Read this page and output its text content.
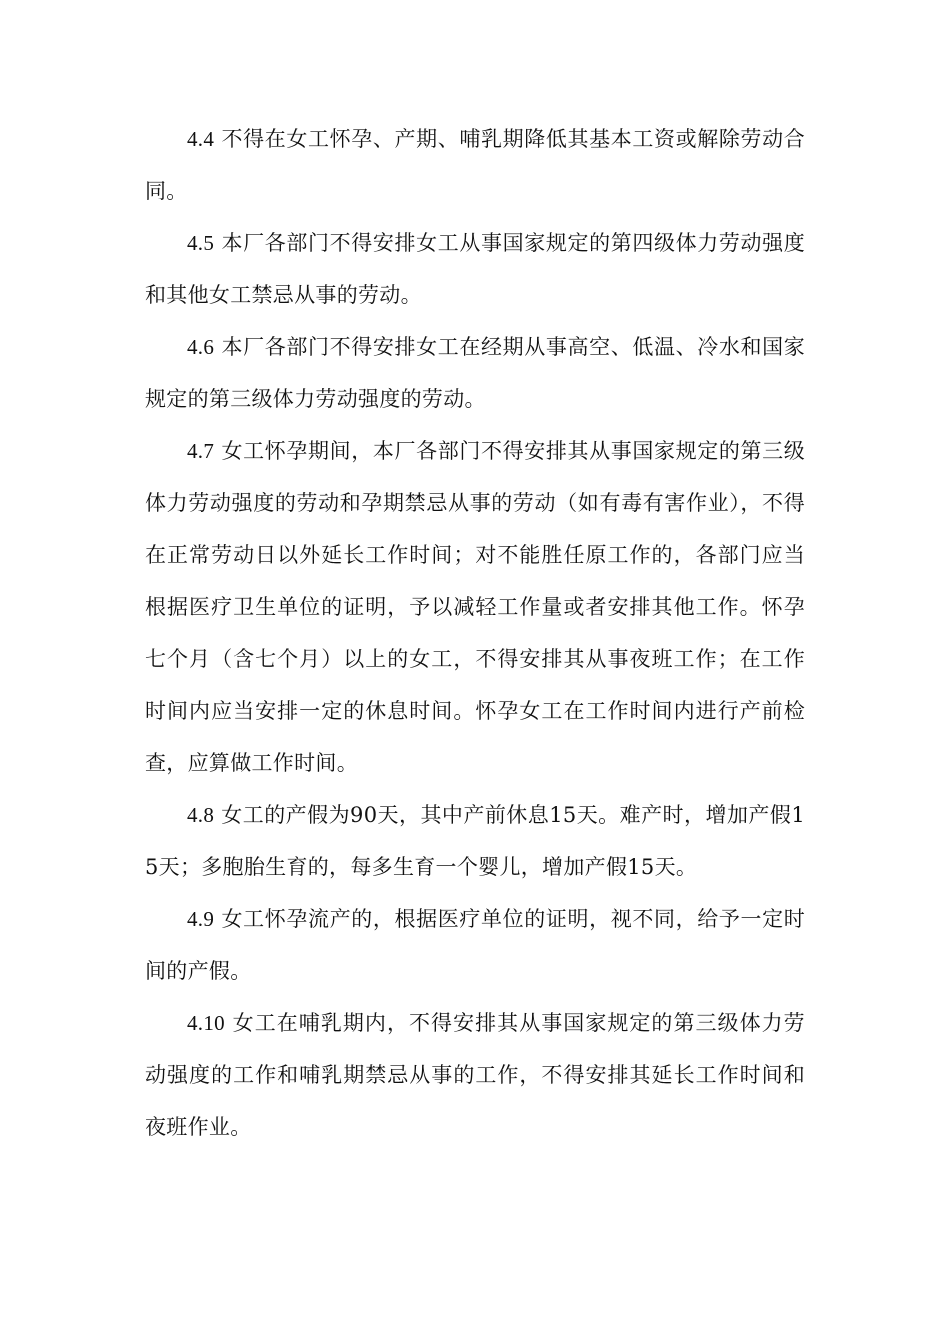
4.4 不得在女工怀孕、产期、哺乳期降低其基本工资或解除劳动合同。

4.5 本厂各部门不得安排女工从事国家规定的第四级体力劳动强度和其他女工禁忌从事的劳动。

4.6 本厂各部门不得安排女工在经期从事高空、低温、冷水和国家规定的第三级体力劳动强度的劳动。

4.7 女工怀孕期间，本厂各部门不得安排其从事国家规定的第三级体力劳动强度的劳动和孕期禁忌从事的劳动（如有毒有害作业），不得在正常劳动日以外延长工作时间；对不能胜任原工作的，各部门应当根据医疗卫生单位的证明，予以减轻工作量或者安排其他工作。怀孕七个月（含七个月）以上的女工，不得安排其从事夜班工作；在工作时间内应当安排一定的休息时间。怀孕女工在工作时间内进行产前检查，应算做工作时间。

4.8 女工的产假为90天，其中产前休息15天。难产时，增加产假15天；多胞胎生育的，每多生育一个婴儿，增加产假15天。

4.9 女工怀孕流产的，根据医疗单位的证明，视不同，给予一定时间的产假。

4.10 女工在哺乳期内，不得安排其从事国家规定的第三级体力劳动强度的工作和哺乳期禁忌从事的工作，不得安排其延长工作时间和夜班作业。
